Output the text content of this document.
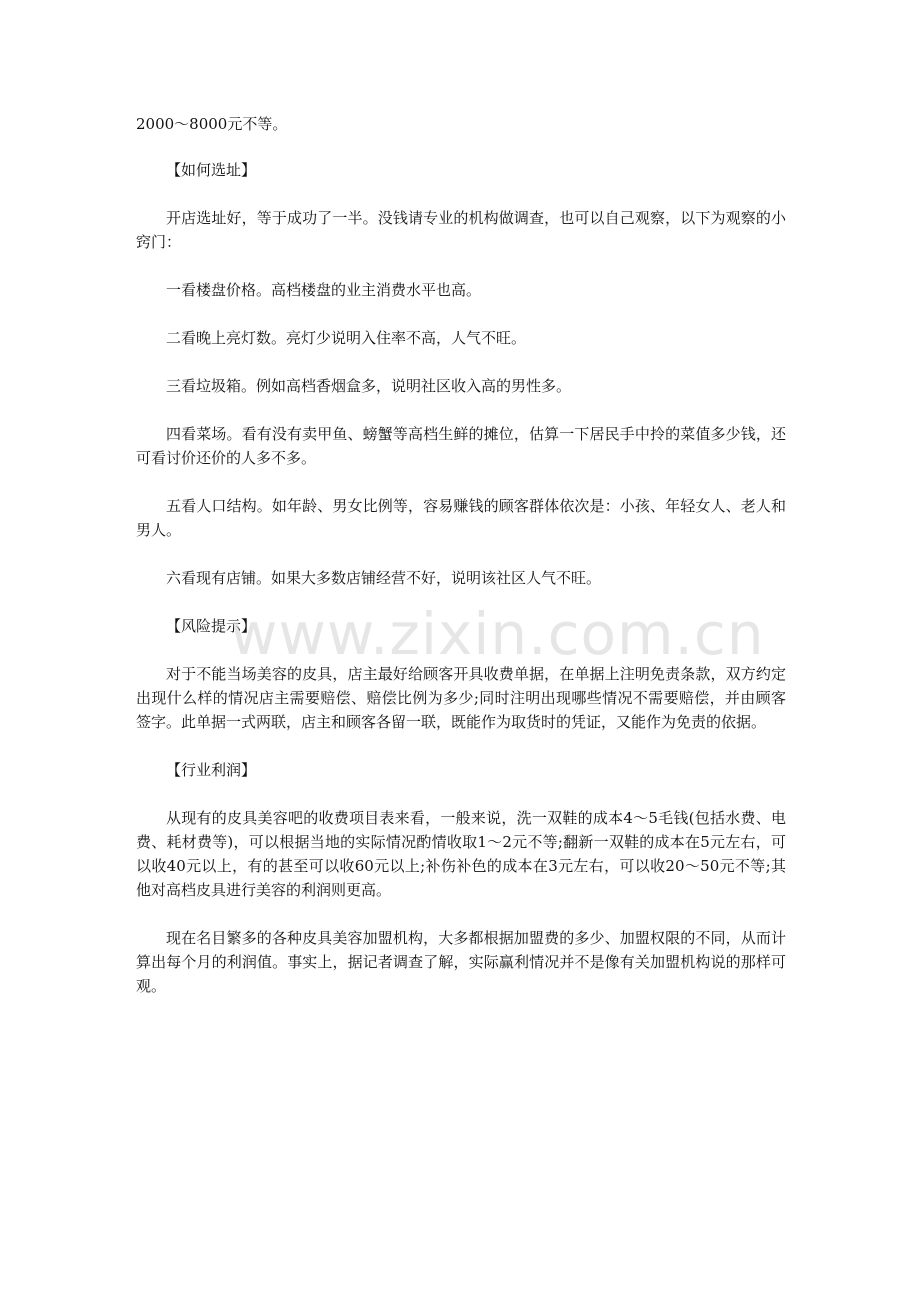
2000～8000元不等。

【如何选址】

开店选址好，等于成功了一半。没钱请专业的机构做调查，也可以自己观察，以下为观察的小窍门：

一看楼盘价格。高档楼盘的业主消费水平也高。

二看晚上亮灯数。亮灯少说明入住率不高，人气不旺。

三看垃圾箱。例如高档香烟盒多，说明社区收入高的男性多。

四看菜场。看有没有卖甲鱼、螃蟹等高档生鲜的摊位，估算一下居民手中拎的菜值多少钱，还可看讨价还价的人多不多。

五看人口结构。如年龄、男女比例等，容易赚钱的顾客群体依次是：小孩、年轻女人、老人和男人。

六看现有店铺。如果大多数店铺经营不好，说明该社区人气不旺。

【风险提示】

对于不能当场美容的皮具，店主最好给顾客开具收费单据，在单据上注明免责条款，双方约定出现什么样的情况店主需要赔偿、赔偿比例为多少;同时注明出现哪些情况不需要赔偿，并由顾客签字。此单据一式两联，店主和顾客各留一联，既能作为取货时的凭证，又能作为免责的依据。

【行业利润】

从现有的皮具美容吧的收费项目表来看，一般来说，洗一双鞋的成本4～5毛钱(包括水费、电费、耗材费等)，可以根据当地的实际情况酌情收取1～2元不等;翻新一双鞋的成本在5元左右，可以收40元以上，有的甚至可以收60元以上;补伤补色的成本在3元左右，可以收20～50元不等;其他对高档皮具进行美容的利润则更高。

现在名目繁多的各种皮具美容加盟机构，大多都根据加盟费的多少、加盟权限的不同，从而计算出每个月的利润值。事实上，据记者调查了解，实际赢利情况并不是像有关加盟机构说的那样可观。

www.zixin.com.cn
